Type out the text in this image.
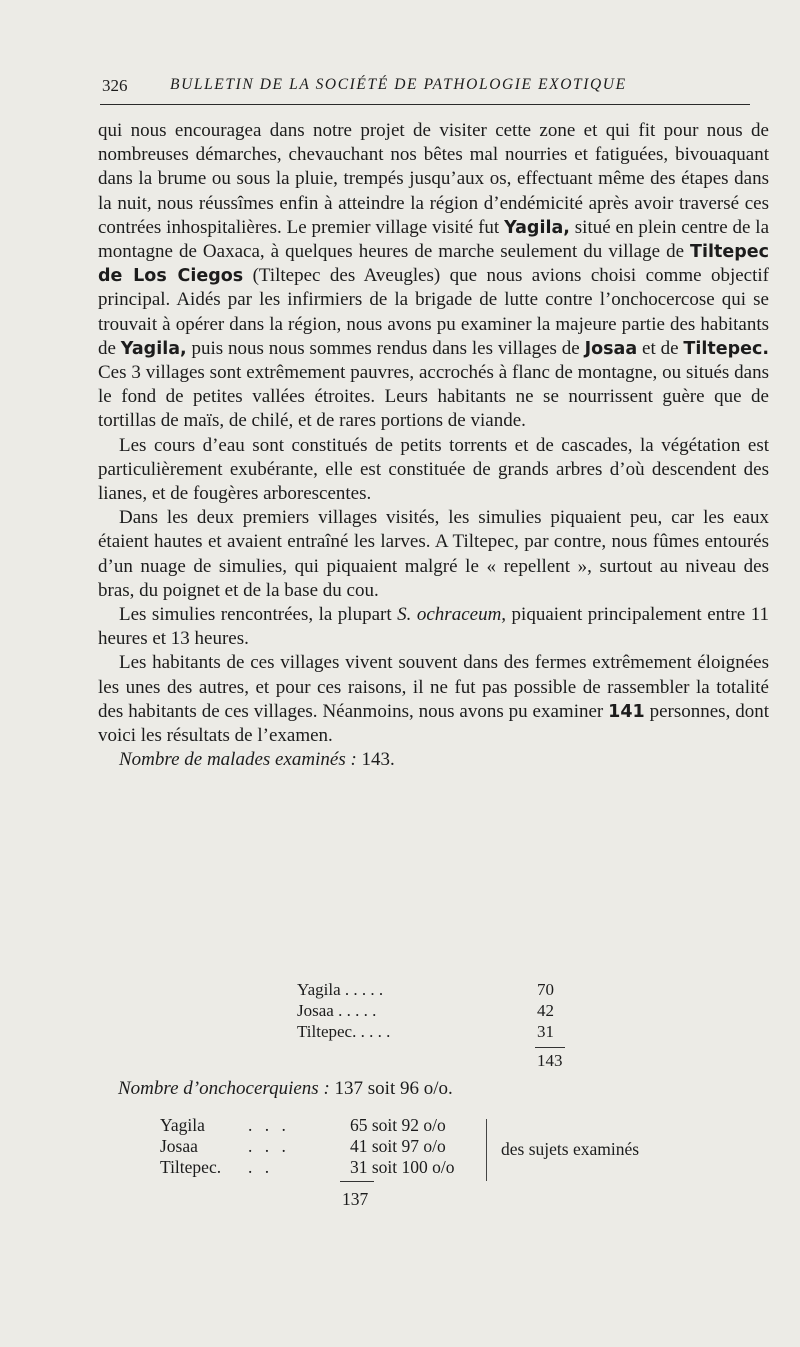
326	BULLETIN DE LA SOCIÉTÉ DE PATHOLOGIE EXOTIQUE

qui nous encouragea dans notre projet de visiter cette zone et qui fit pour nous de nombreuses démarches, chevauchant nos bêtes mal nourries et fatiguées, bivouaquant dans la brume ou sous la pluie, trempés jusqu’aux os, effectuant même des étapes dans la nuit, nous réussîmes enfin à atteindre la région d’endémicité après avoir traversé ces contrées inhospitalières. Le premier village visité fut Yagila, situé en plein centre de la montagne de Oaxaca, à quelques heures de marche seulement du village de Tiltepec de Los Ciegos (Tiltepec des Aveugles) que nous avions choisi comme objectif principal. Aidés par les infirmiers de la brigade de lutte contre l’onchocercose qui se trouvait à opérer dans la région, nous avons pu examiner la majeure partie des habitants de Yagila, puis nous nous sommes rendus dans les villages de Josaa et de Tiltepec. Ces 3 villages sont extrêmement pauvres, accrochés à flanc de montagne, ou situés dans le fond de petites vallées étroites. Leurs habitants ne se nourrissent guère que de tortillas de maïs, de chilé, et de rares portions de viande.

Les cours d’eau sont constitués de petits torrents et de cascades, la végétation est particulièrement exubérante, elle est constituée de grands arbres d’où descendent des lianes, et de fougères arborescentes.

Dans les deux premiers villages visités, les simulies piquaient peu, car les eaux étaient hautes et avaient entraîné les larves. A Tiltepec, par contre, nous fûmes entourés d’un nuage de simulies, qui piquaient malgré le « repellent », surtout au niveau des bras, du poignet et de la base du cou.

Les simulies rencontrées, la plupart S. ochraceum, piquaient principalement entre 11 heures et 13 heures.

Les habitants de ces villages vivent souvent dans des fermes extrêmement éloignées les unes des autres, et pour ces raisons, il ne fut pas possible de rassembler la totalité des habitants de ces villages. Néanmoins, nous avons pu examiner 141 personnes, dont voici les résultats de l’examen.

Nombre de malades examinés : 143.

Yagila . . . . .	70
Josaa . . . . .	42
Tiltepec. . . . .	31
143
Nombre d’onchocerquiens : 137 soit 96 o/o.
Yagila . . .	65 soit 92 o/o
Josaa	. . .	41 soit 97 o/o
Tiltepec. . .	31 soit 100 o/o
des sujets examinés
137
